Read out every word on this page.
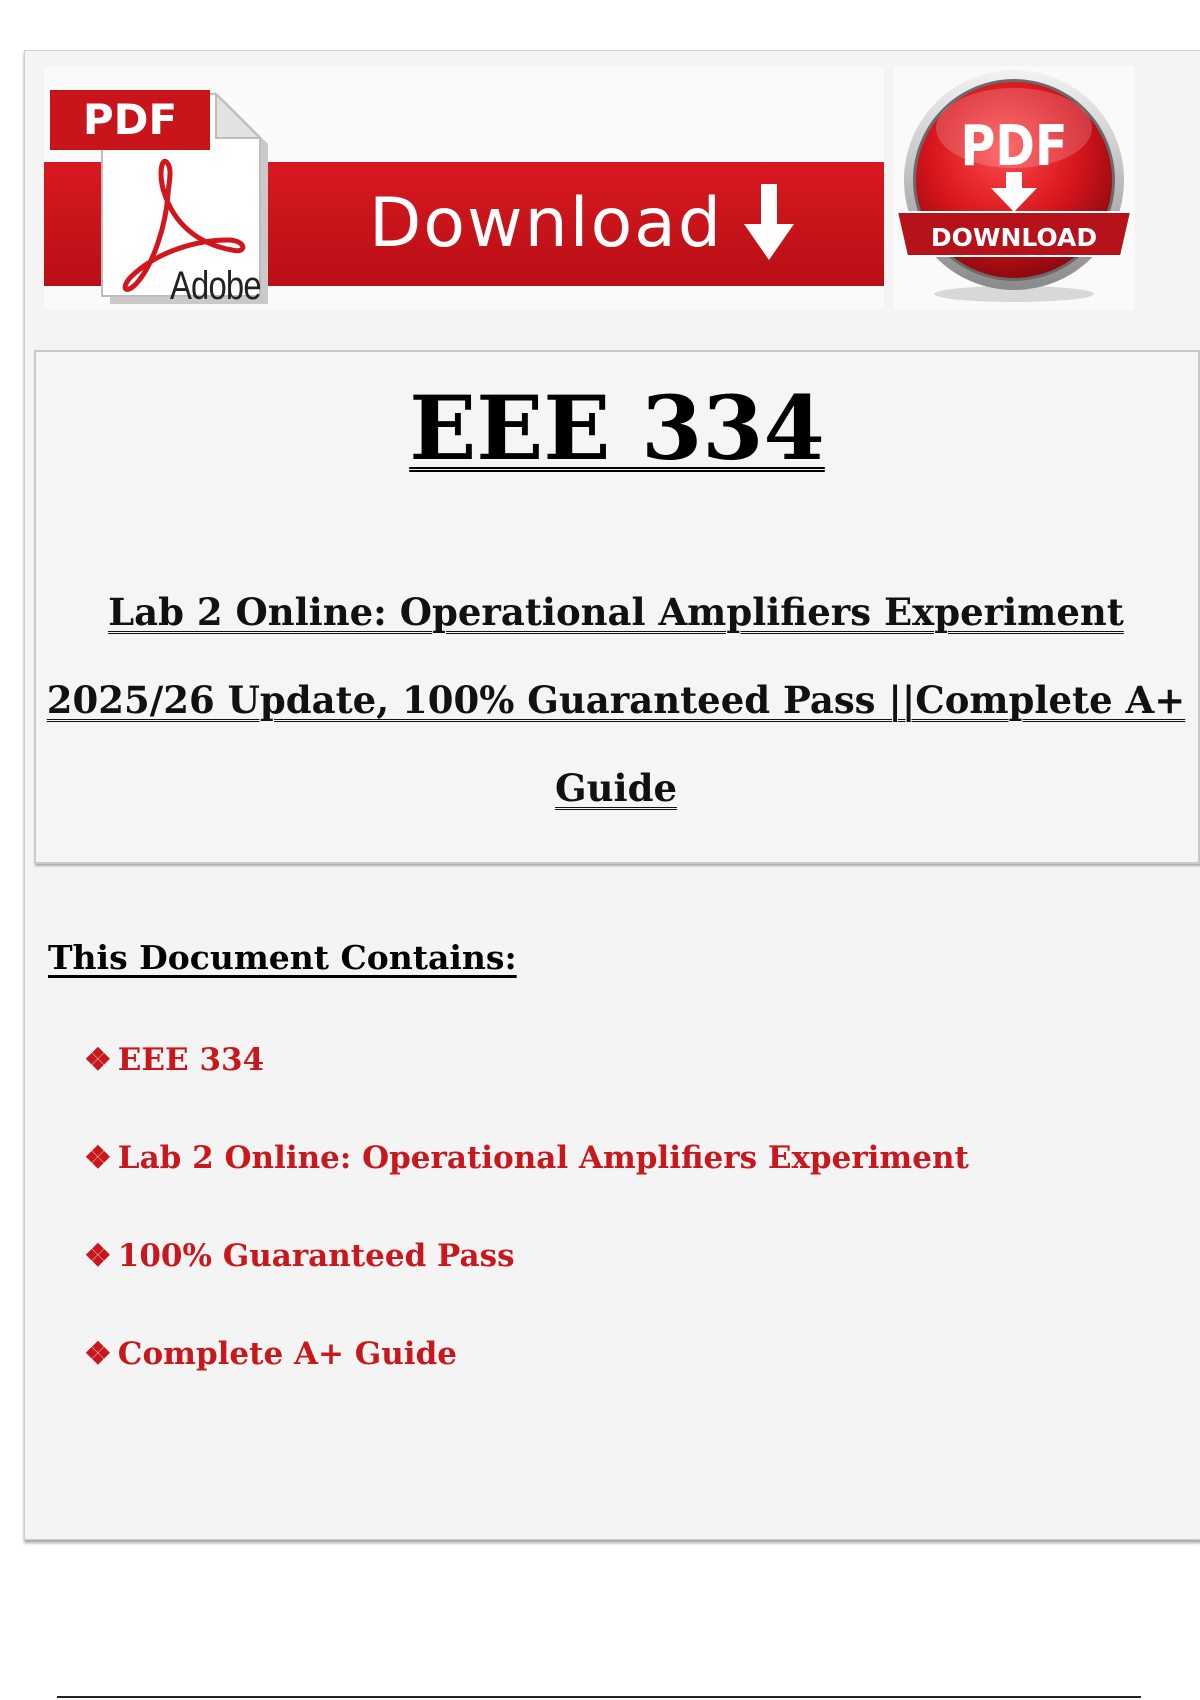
Download
PDF
Adobe
PDF
DOWNLOAD
EEE 334
Lab 2 Online: Operational Amplifiers Experiment
2025/26 Update, 100% Guaranteed Pass ||Complete A+
Guide
This Document Contains:
❖ EEE 334
❖ Lab 2 Online: Operational Amplifiers Experiment
❖ 100% Guaranteed Pass
❖ Complete A+ Guide
